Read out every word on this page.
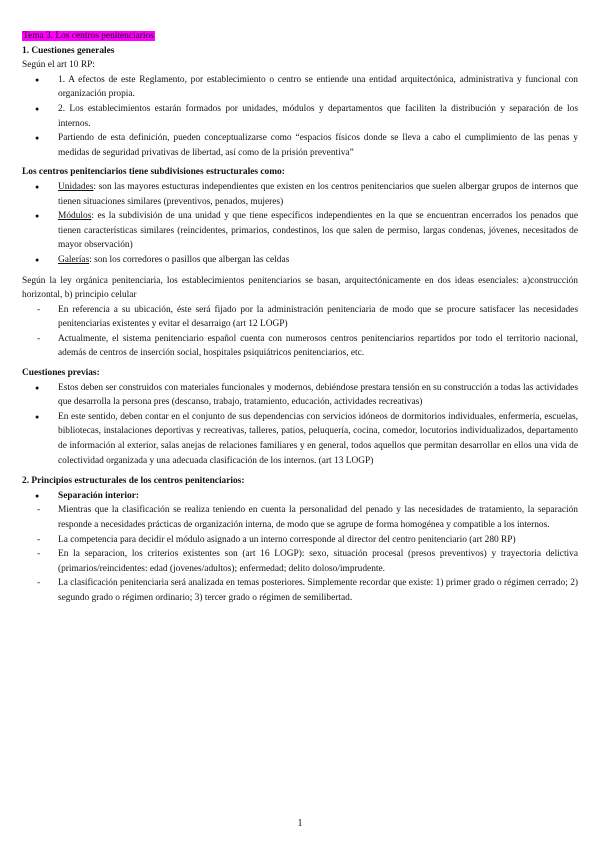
Tema 3. Los centros penitenciarios

1. Cuestiones generales

Según el art 10 RP:

● 1. A efectos de este Reglamento, por establecimiento o centro se entiende una entidad arquitectónica, administrativa y funcional con organización propia.
● 2. Los establecimientos estarán formados por unidades, módulos y departamentos que faciliten la distribución y separación de los internos.
● Partiendo de esta definición, pueden conceptualizarse como “espacios físicos donde se lleva a cabo el cumplimiento de las penas y medidas de seguridad privativas de libertad, así como de la prisión preventiva”

Los centros penitenciarios tiene subdivisiones estructurales como:

● Unidades: son las mayores estucturas independientes que existen en los centros penitenciarios que suelen albergar grupos de internos que tienen situaciones similares (preventivos, penados, mujeres)
● Módulos: es la subdivisión de una unidad y que tiene específicos independientes en la que se encuentran encerrados los penados que tienen características similares (reincidentes, primarios, condestinos, los que salen de permiso, largas condenas, jóvenes, necesitados de mayor observación)
● Galerías: son los corredores o pasillos que albergan las celdas

Según la ley orgánica penitenciaria, los establecimientos penitenciarios se basan, arquitectónicamente en dos ideas esenciales: a)construcción horizontal, b) principio celular

- En referencia a su ubicación, éste será fijado por la administración penitenciaria de modo que se procure satisfacer las necesidades penitenciarias existentes y evitar el desarraigo (art 12 LOGP)
- Actualmente, el sistema penitenciario español cuenta con numerosos centros penitenciarios repartidos por todo el territorio nacional, además de centros de inserción social, hospitales psiquiátricos penitenciarios, etc.

Cuestiones previas:

● Estos deben ser construidos con materiales funcionales y modernos, debiéndose prestara tensión en su construcción a todas las actividades que desarrolla la persona pres (descanso, trabajo, tratamiento, educación, actividades recreativas)
● En este sentido, deben contar en el conjunto de sus dependencias con servicios idóneos de dormitorios individuales, enfermería, escuelas, bibliotecas, instalaciones deportivas y recreativas, talleres, patios, peluquería, cocina, comedor, locutorios individualizados, departamento de información al exterior, salas anejas de relaciones familiares y en general, todos aquellos que permitan desarrollar en ellos una vida de colectividad organizada y una adecuada clasificación de los internos. (art 13 LOGP)

2. Principios estructurales de los centros penitenciarios:

● Separación interior:
- Mientras que la clasificación se realiza teniendo en cuenta la personalidad del penado y las necesidades de tratamiento, la separación responde a necesidades prácticas de organización interna, de modo que se agrupe de forma homogénea y compatible a los internos.
- La competencia para decidir el módulo asignado a un interno corresponde al director del centro penitenciario (art 280 RP)
- En la separacion, los criterios existentes son (art 16 LOGP): sexo, situación procesal (presos preventivos) y trayectoria delictiva (primarios/reincidentes: edad (jovenes/adultos); enfermedad; delito doloso/imprudente.
- La clasificación penitenciaria será analizada en temas posteriores. Simplemente recordar que existe: 1) primer grado o régimen cerrado; 2) segundo grado o régimen ordinario; 3) tercer grado o régimen de semilibertad.
1
